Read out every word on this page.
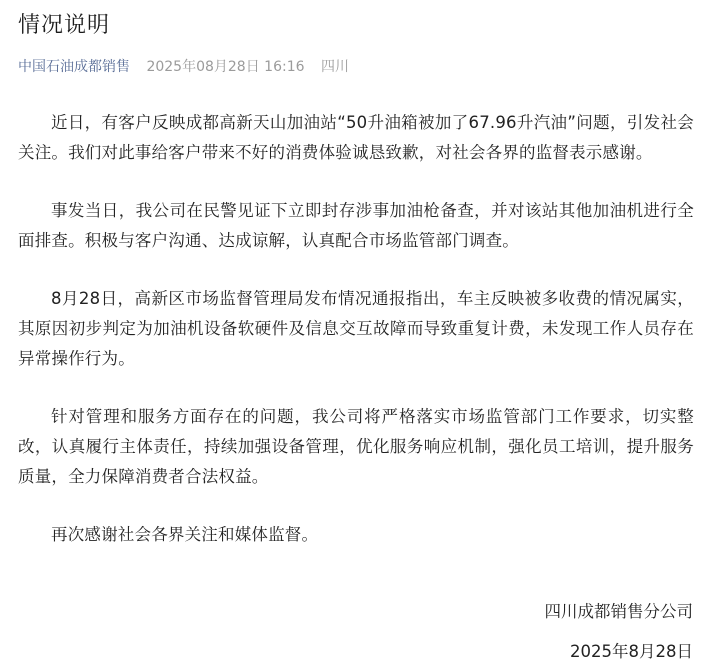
情况说明
中国石油成都销售 2025年08月28日 16:16 四川

近日，有客户反映成都高新天山加油站“50升油箱被加了67.96升汽油”问题，引发社会关注。我们对此事给客户带来不好的消费体验诚恳致歉，对社会各界的监督表示感谢。

事发当日，我公司在民警见证下立即封存涉事加油枪备查，并对该站其他加油机进行全面排查。积极与客户沟通、达成谅解，认真配合市场监管部门调查。

8月28日，高新区市场监督管理局发布情况通报指出，车主反映被多收费的情况属实，其原因初步判定为加油机设备软硬件及信息交互故障而导致重复计费，未发现工作人员存在异常操作行为。

针对管理和服务方面存在的问题，我公司将严格落实市场监管部门工作要求，切实整改，认真履行主体责任，持续加强设备管理，优化服务响应机制，强化员工培训，提升服务质量，全力保障消费者合法权益。

再次感谢社会各界关注和媒体监督。

四川成都销售分公司
2025年8月28日
